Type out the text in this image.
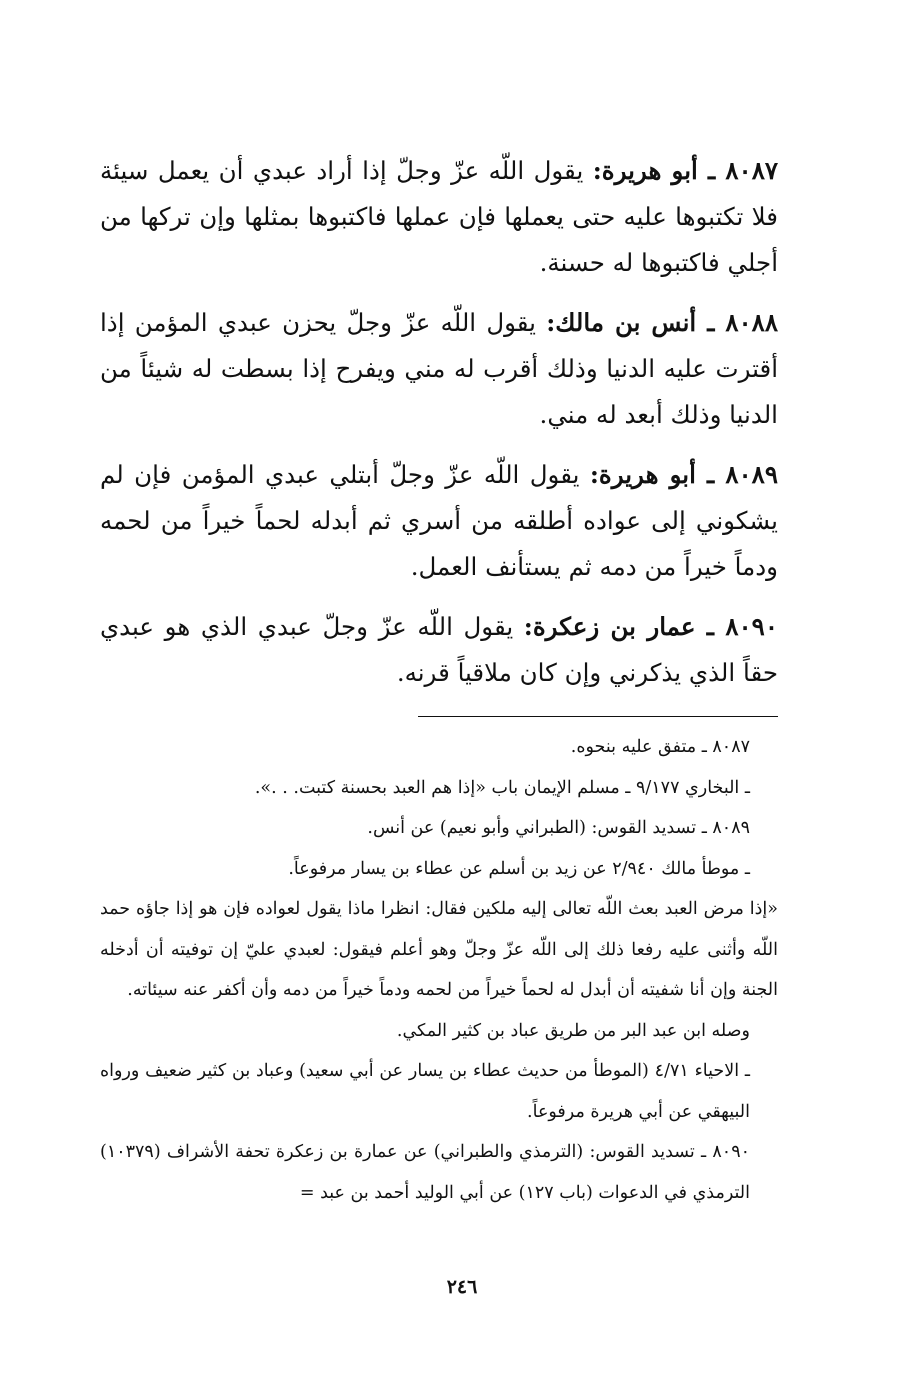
٨٠٨٧ ـ أبو هريرة: يقول اللّه عزّ وجلّ إذا أراد عبدي أن يعمل سيئة فلا تكتبوها عليه حتى يعملها فإن عملها فاكتبوها بمثلها وإن تركها من أجلي فاكتبوها له حسنة.

٨٠٨٨ ـ أنس بن مالك: يقول اللّه عزّ وجلّ يحزن عبدي المؤمن إذا أقترت عليه الدنيا وذلك أقرب له مني ويفرح إذا بسطت له شيئاً من الدنيا وذلك أبعد له مني.

٨٠٨٩ ـ أبو هريرة: يقول اللّه عزّ وجلّ أبتلي عبدي المؤمن فإن لم يشكوني إلى عواده أطلقه من أسري ثم أبدله لحماً خيراً من لحمه ودماً خيراً من دمه ثم يستأنف العمل.

٨٠٩٠ ـ عمار بن زعكرة: يقول اللّه عزّ وجلّ عبدي الذي هو عبدي حقاً الذي يذكرني وإن كان ملاقياً قرنه.

٨٠٨٧ ـ متفق عليه بنحوه.

ـ البخاري ٩/١٧٧ ـ مسلم الإيمان باب «إذا هم العبد بحسنة كتبت. . .».

٨٠٨٩ ـ تسديد القوس: (الطبراني وأبو نعيم) عن أنس.

ـ موطأ مالك ٢/٩٤٠ عن زيد بن أسلم عن عطاء بن يسار مرفوعاً.

«إذا مرض العبد بعث اللّه تعالى إليه ملكين فقال: انظرا ماذا يقول لعواده فإن هو إذا جاؤه حمد اللّه وأثنى عليه رفعا ذلك إلى اللّه عزّ وجلّ وهو أعلم فيقول: لعبدي عليّ إن توفيته أن أدخله الجنة وإن أنا شفيته أن أبدل له لحماً خيراً من لحمه ودماً خيراً من دمه وأن أكفر عنه سيئاته.

وصله ابن عبد البر من طريق عباد بن كثير المكي.

ـ الاحياء ٤/٧١ (الموطأ من حديث عطاء بن يسار عن أبي سعيد) وعباد بن كثير ضعيف ورواه البيهقي عن أبي هريرة مرفوعاً.

٨٠٩٠ ـ تسديد القوس: (الترمذي والطبراني) عن عمارة بن زعكرة تحفة الأشراف (١٠٣٧٩) الترمذي في الدعوات (باب ١٢٧) عن أبي الوليد أحمد بن عبد =

٢٤٦
